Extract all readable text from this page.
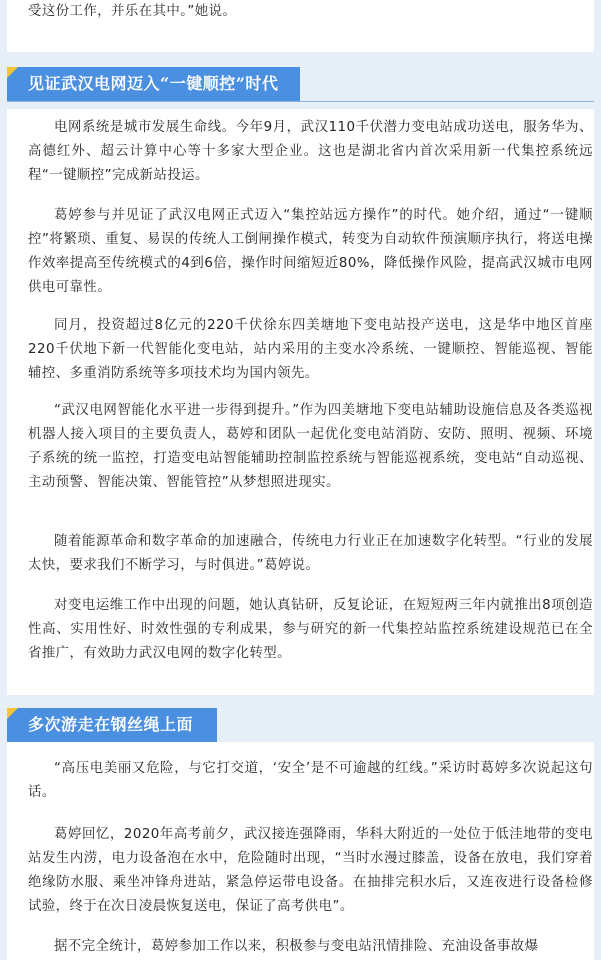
受这份工作，并乐在其中。”她说。

见证武汉电网迈入“一键顺控”时代

电网系统是城市发展生命线。今年9月，武汉110千伏潜力变电站成功送电，服务华为、高德红外、超云计算中心等十多家大型企业。这也是湖北省内首次采用新一代集控系统远程“一键顺控”完成新站投运。

葛婷参与并见证了武汉电网正式迈入“集控站远方操作”的时代。她介绍，通过“一键顺控”将繁琐、重复、易误的传统人工倒闸操作模式，转变为自动软件预演顺序执行，将送电操作效率提高至传统模式的4到6倍，操作时间缩短近80%，降低操作风险，提高武汉城市电网供电可靠性。

同月，投资超过8亿元的220千伏徐东四美塘地下变电站投产送电，这是华中地区首座220千伏地下新一代智能化变电站，站内采用的主变水冷系统、一键顺控、智能巡视、智能辅控、多重消防系统等多项技术均为国内领先。

“武汉电网智能化水平进一步得到提升。”作为四美塘地下变电站辅助设施信息及各类巡视机器人接入项目的主要负责人，葛婷和团队一起优化变电站消防、安防、照明、视频、环境子系统的统一监控，打造变电站智能辅助控制监控系统与智能巡视系统，变电站“自动巡视、主动预警、智能决策、智能管控”从梦想照进现实。

随着能源革命和数字革命的加速融合，传统电力行业正在加速数字化转型。“行业的发展太快，要求我们不断学习，与时俱进。”葛婷说。

对变电运维工作中出现的问题，她认真钻研，反复论证，在短短两三年内就推出8项创造性高、实用性好、时效性强的专利成果，参与研究的新一代集控站监控系统建设规范已在全省推广，有效助力武汉电网的数字化转型。

多次游走在钢丝绳上面

“高压电美丽又危险，与它打交道，‘安全’是不可逾越的红线。”采访时葛婷多次说起这句话。

葛婷回忆，2020年高考前夕，武汉接连强降雨，华科大附近的一处位于低洼地带的变电站发生内涝，电力设备泡在水中，危险随时出现，“当时水漫过膝盖，设备在放电，我们穿着绝缘防水服、乘坐冲锋舟进站，紧急停运带电设备。在抽排完积水后，又连夜进行设备检修试验，终于在次日凌晨恢复送电，保证了高考供电”。

据不完全统计，葛婷参加工作以来，积极参与变电站汛情排险、充油设备事故爆
